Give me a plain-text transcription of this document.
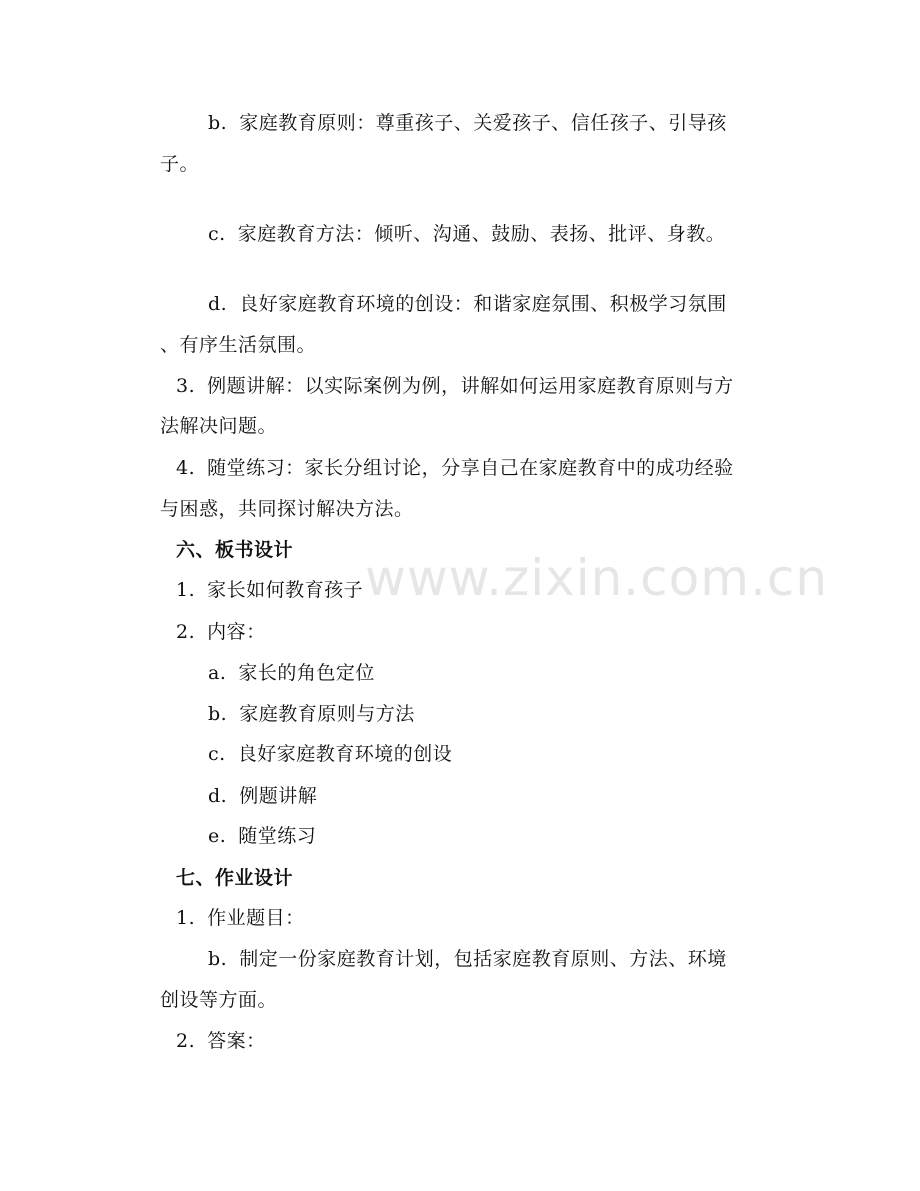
www.zixin.com.cn
b. 家庭教育原则：尊重孩子、关爱孩子、信任孩子、引导孩
子。
c. 家庭教育方法：倾听、沟通、鼓励、表扬、批评、身教。
d. 良好家庭教育环境的创设：和谐家庭氛围、积极学习氛围
、有序生活氛围。
3. 例题讲解：以实际案例为例，讲解如何运用家庭教育原则与方
法解决问题。
4. 随堂练习：家长分组讨论，分享自己在家庭教育中的成功经验
与困惑，共同探讨解决方法。
六、板书设计
1. 家长如何教育孩子
2. 内容：
a. 家长的角色定位
b. 家庭教育原则与方法
c. 良好家庭教育环境的创设
d. 例题讲解
e. 随堂练习
七、作业设计
1. 作业题目：
b. 制定一份家庭教育计划，包括家庭教育原则、方法、环境
创设等方面。
2. 答案：
